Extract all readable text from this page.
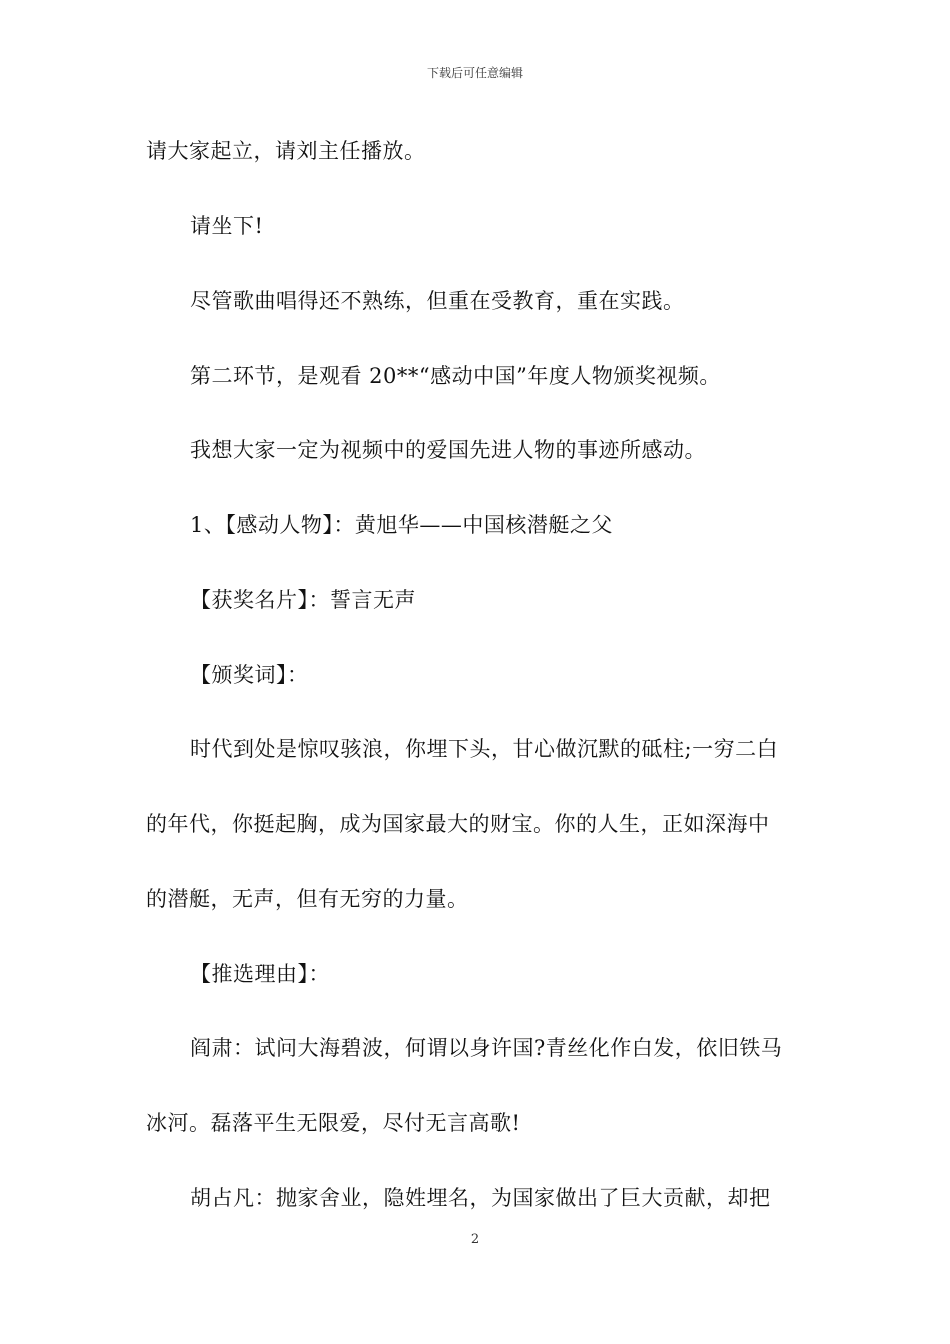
下载后可任意编辑
请大家起立，请刘主任播放。
请坐下!
尽管歌曲唱得还不熟练，但重在受教育，重在实践。
第二环节，是观看 20**“感动中国”年度人物颁奖视频。
我想大家一定为视频中的爱国先进人物的事迹所感动。
1、【感动人物】：黄旭华——中国核潜艇之父
【获奖名片】：誓言无声
【颁奖词】：
时代到处是惊叹骇浪，你埋下头，甘心做沉默的砥柱;一穷二白
的年代，你挺起胸，成为国家最大的财宝。你的人生，正如深海中
的潜艇，无声，但有无穷的力量。
【推选理由】：
阎肃：试问大海碧波，何谓以身许国?青丝化作白发，依旧铁马
冰河。磊落平生无限爱，尽付无言高歌!
胡占凡：抛家舍业，隐姓埋名，为国家做出了巨大贡献，却把
2
